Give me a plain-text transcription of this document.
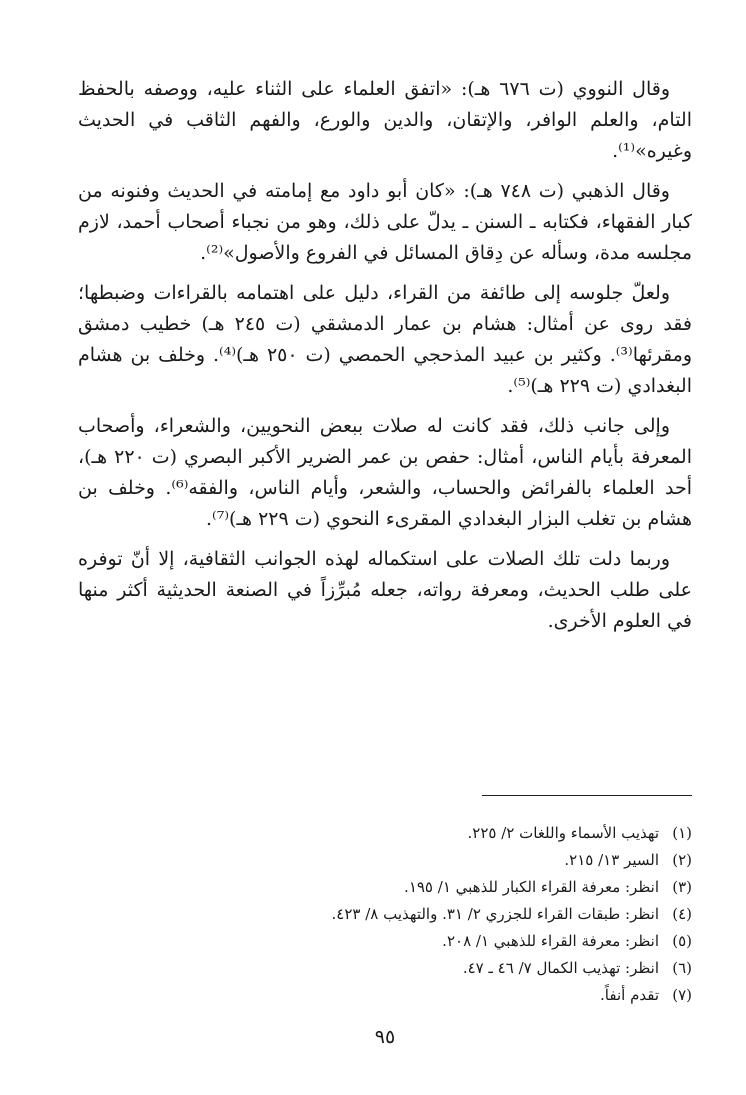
وقال النووي (ت ٦٧٦ هـ): «اتفق العلماء على الثناء عليه، ووصفه بالحفظ التام، والعلم الوافر، والإتقان، والدين والورع، والفهم الثاقب في الحديث وغيره»⁽¹⁾.

وقال الذهبي (ت ٧٤٨ هـ): «كان أبو داود مع إمامته في الحديث وفنونه من كبار الفقهاء، فكتابه ـ السنن ـ يدلّ على ذلك، وهو من نجباء أصحاب أحمد، لازم مجلسه مدة، وسأله عن دِقاق المسائل في الفروع والأصول»⁽²⁾.

ولعلّ جلوسه إلى طائفة من القراء، دليل على اهتمامه بالقراءات وضبطها؛ فقد روى عن أمثال: هشام بن عمار الدمشقي (ت ٢٤٥ هـ) خطيب دمشق ومقرئها⁽³⁾. وكثير بن عبيد المذحجي الحمصي (ت ٢٥٠ هـ)⁽⁴⁾. وخلف بن هشام البغدادي (ت ٢٢٩ هـ)⁽⁵⁾.

وإلى جانب ذلك، فقد كانت له صلات ببعض النحويين، والشعراء، وأصحاب المعرفة بأيام الناس، أمثال: حفص بن عمر الضرير الأكبر البصري (ت ٢٢٠ هـ)، أحد العلماء بالفرائض والحساب، والشعر، وأيام الناس، والفقه⁽⁶⁾. وخلف بن هشام بن تغلب البزار البغدادي المقرىء النحوي (ت ٢٢٩ هـ)⁽⁷⁾.

وربما دلت تلك الصلات على استكماله لهذه الجوانب الثقافية، إلا أنّ توفره على طلب الحديث، ومعرفة رواته، جعله مُبرِّزاً في الصنعة الحديثية أكثر منها في العلوم الأخرى.

(١)
تهذيب الأسماء واللغات ٢/ ٢٢٥.
(٢)
السير ١٣/ ٢١٥.
(٣)
انظر: معرفة القراء الكبار للذهبي ١/ ١٩٥.
(٤)
انظر: طبقات القراء للجزري ٢/ ٣١. والتهذيب ٨/ ٤٢٣.
(٥)
انظر: معرفة القراء للذهبي ١/ ٢٠٨.
(٦)
انظر: تهذيب الكمال ٧/ ٤٦ ـ ٤٧.
(٧)
تقدم أنفاً.
٩٥
